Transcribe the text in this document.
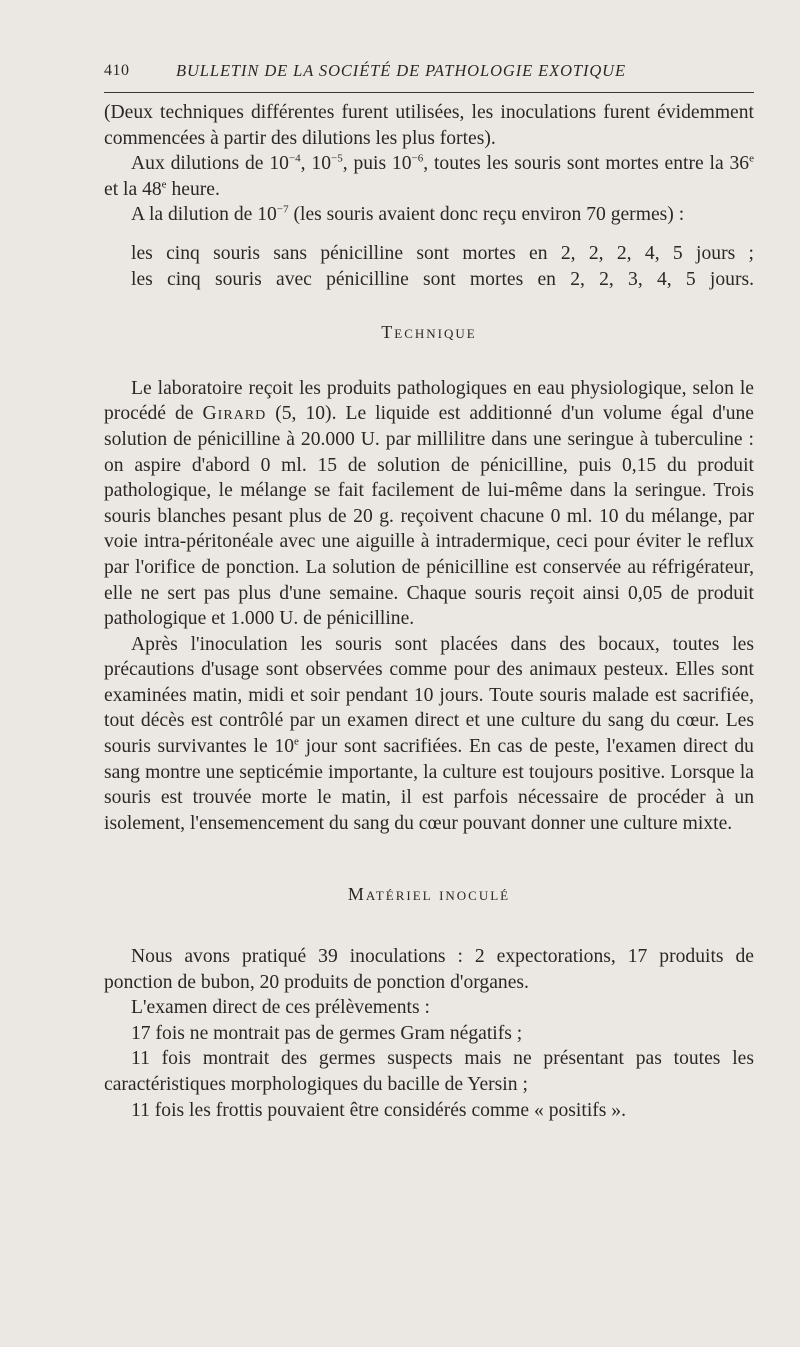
410	BULLETIN DE LA SOCIÉTÉ DE PATHOLOGIE EXOTIQUE

(Deux techniques différentes furent utilisées, les inoculations furent évidemment commencées à partir des dilutions les plus fortes).

Aux dilutions de $10^{-4}$, $10^{-5}$, puis $10^{-6}$, toutes les souris sont mortes entre la 36e et la 48e heure.

A la dilution de $10^{-7}$ (les souris avaient donc reçu environ 70 germes) :

les cinq souris sans pénicilline sont mortes en 2, 2, 2, 4, 5 jours ;

les cinq souris avec pénicilline sont mortes en 2, 2, 3, 4, 5 jours.

Technique

Le laboratoire reçoit les produits pathologiques en eau physiologique, selon le procédé de Girard (5, 10). Le liquide est additionné d'un volume égal d'une solution de pénicilline à 20.000 U. par millilitre dans une seringue à tuberculine : on aspire d'abord 0 ml. 15 de solution de pénicilline, puis 0,15 du produit pathologique, le mélange se fait facilement de lui-même dans la seringue. Trois souris blanches pesant plus de 20 g. reçoivent chacune 0 ml. 10 du mélange, par voie intra-péritonéale avec une aiguille à intradermique, ceci pour éviter le reflux par l'orifice de ponction. La solution de pénicilline est conservée au réfrigérateur, elle ne sert pas plus d'une semaine. Chaque souris reçoit ainsi 0,05 de produit pathologique et 1.000 U. de pénicilline.

Après l'inoculation les souris sont placées dans des bocaux, toutes les précautions d'usage sont observées comme pour des animaux pesteux. Elles sont examinées matin, midi et soir pendant 10 jours. Toute souris malade est sacrifiée, tout décès est contrôlé par un examen direct et une culture du sang du cœur. Les souris survivantes le 10e jour sont sacrifiées. En cas de peste, l'examen direct du sang montre une septicémie importante, la culture est toujours positive. Lorsque la souris est trouvée morte le matin, il est parfois nécessaire de procéder à un isolement, l'ensemencement du sang du cœur pouvant donner une culture mixte.

Matériel inoculé

Nous avons pratiqué 39 inoculations : 2 expectorations, 17 produits de ponction de bubon, 20 produits de ponction d'organes.

L'examen direct de ces prélèvements :

17 fois ne montrait pas de germes Gram négatifs ;

11 fois montrait des germes suspects mais ne présentant pas toutes les caractéristiques morphologiques du bacille de Yersin ;

11 fois les frottis pouvaient être considérés comme « positifs ».
